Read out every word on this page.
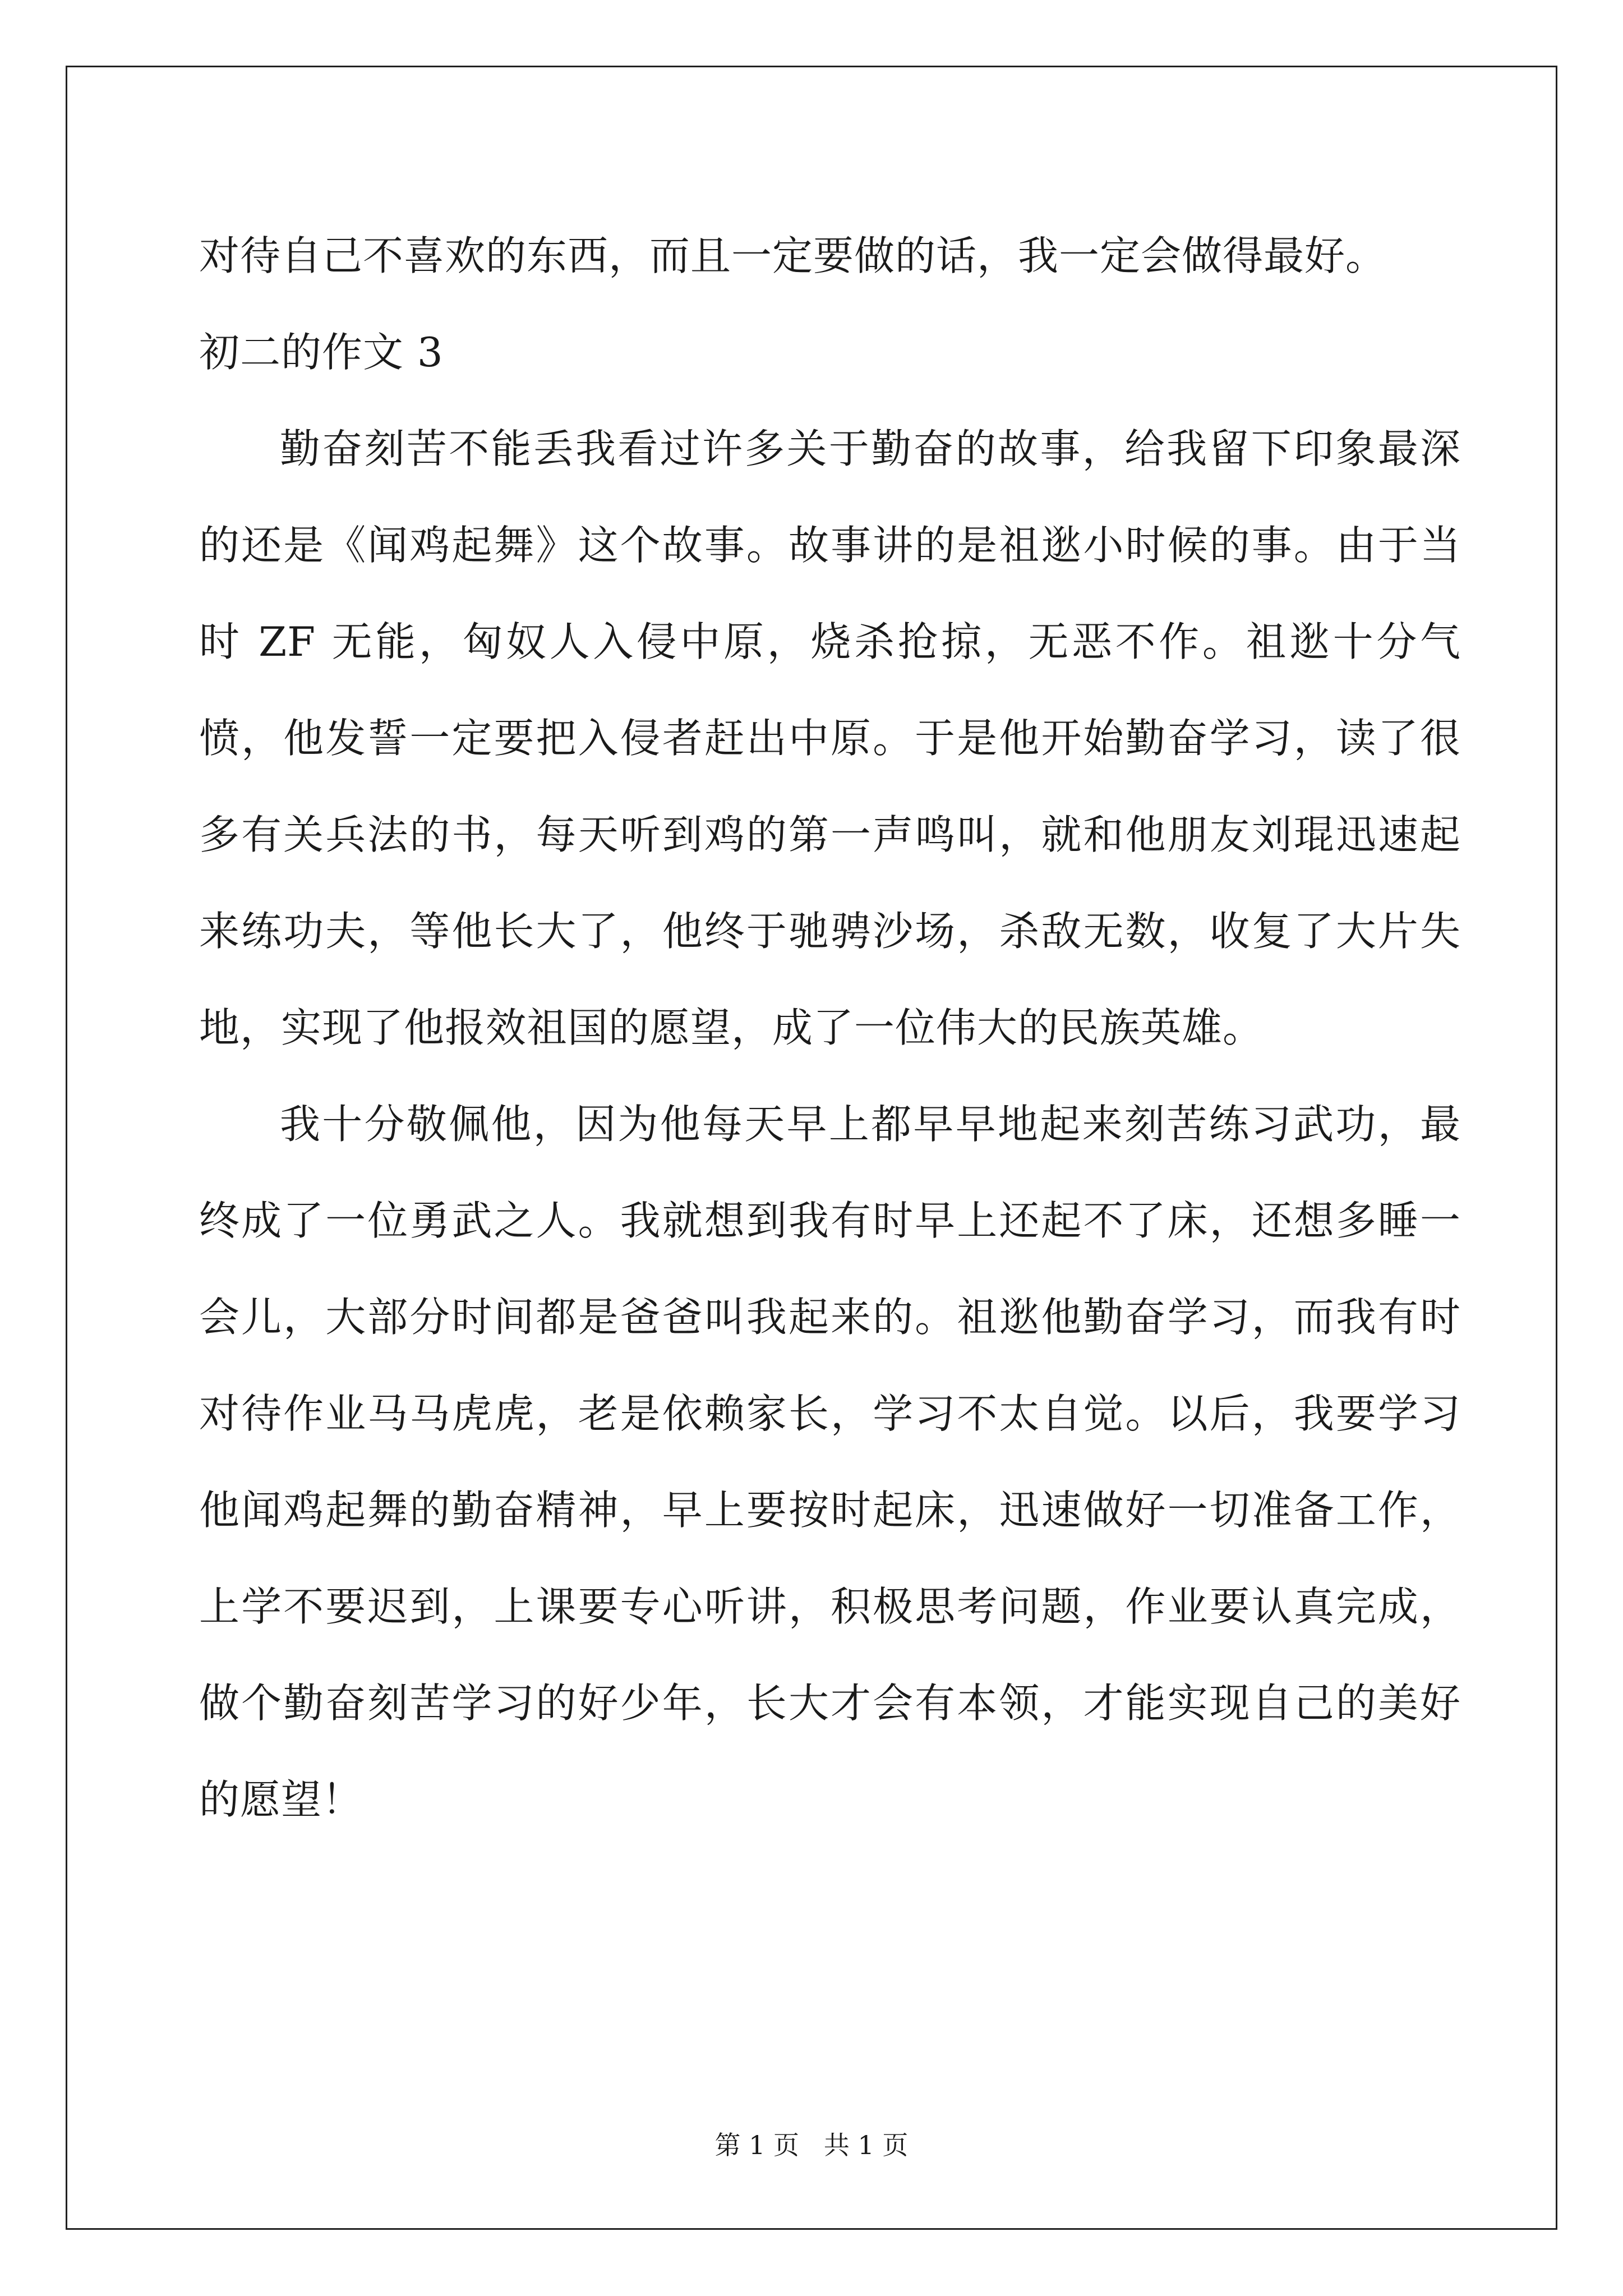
对待自己不喜欢的东西，而且一定要做的话，我一定会做得最好。

初二的作文 3

勤奋刻苦不能丢我看过许多关于勤奋的故事，给我留下印象最深的还是《闻鸡起舞》这个故事。故事讲的是祖逖小时候的事。由于当时 ZF 无能，匈奴人入侵中原，烧杀抢掠，无恶不作。祖逖十分气愤，他发誓一定要把入侵者赶出中原。于是他开始勤奋学习，读了很多有关兵法的书，每天听到鸡的第一声鸣叫，就和他朋友刘琨迅速起来练功夫，等他长大了，他终于驰骋沙场，杀敌无数，收复了大片失地，实现了他报效祖国的愿望，成了一位伟大的民族英雄。

我十分敬佩他，因为他每天早上都早早地起来刻苦练习武功，最终成了一位勇武之人。我就想到我有时早上还起不了床，还想多睡一会儿，大部分时间都是爸爸叫我起来的。祖逖他勤奋学习，而我有时对待作业马马虎虎，老是依赖家长，学习不太自觉。以后，我要学习他闻鸡起舞的勤奋精神，早上要按时起床，迅速做好一切准备工作，上学不要迟到，上课要专心听讲，积极思考问题，作业要认真完成，做个勤奋刻苦学习的好少年，长大才会有本领，才能实现自己的美好的愿望！

第 1 页   共 1 页
